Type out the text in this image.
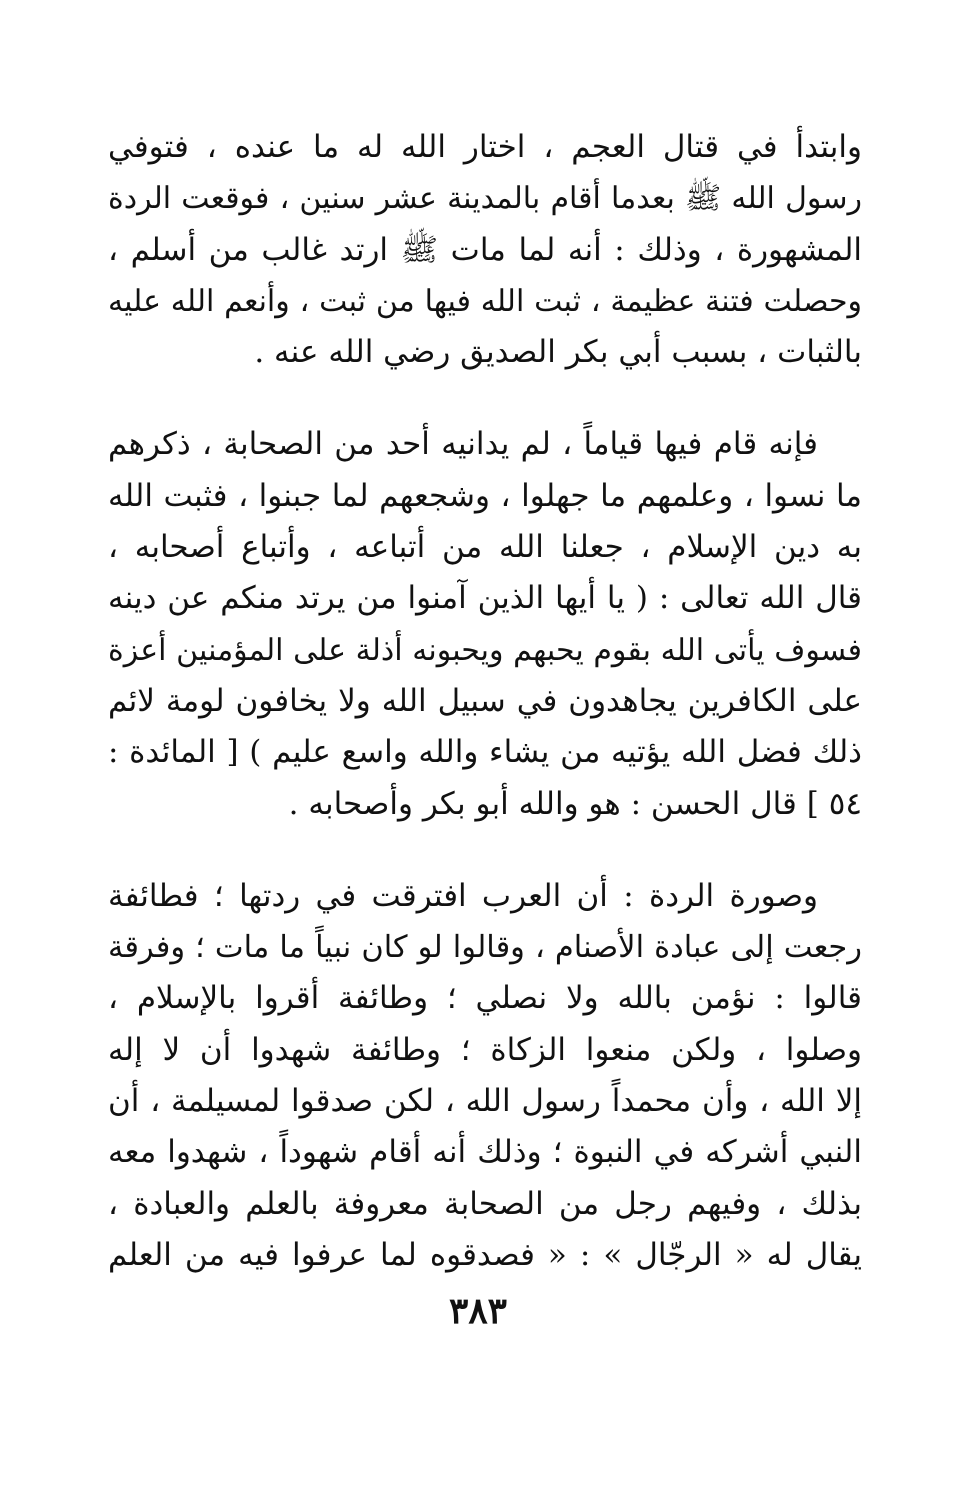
وابتدأ في قتال العجم ، اختار الله له ما عنده ، فتوفي
رسول الله ﷺ بعدما أقام بالمدينة عشر سنين ، فوقعت الردة
المشهورة ، وذلك : أنه لما مات ﷺ ارتد غالب من أسلم ،
وحصلت فتنة عظيمة ، ثبت الله فيها من ثبت ، وأنعم الله عليه
بالثبات ، بسبب أبي بكر الصديق رضي الله عنه .

فإنه قام فيها قياماً ، لم يدانيه أحد من الصحابة ، ذكرهم
ما نسوا ، وعلمهم ما جهلوا ، وشجعهم لما جبنوا ، فثبت الله
به دين الإسلام ، جعلنا الله من أتباعه ، وأتباع أصحابه ،
قال الله تعالى : ( يا أيها الذين آمنوا من يرتد منكم عن دينه
فسوف يأتى الله بقوم يحبهم ويحبونه أذلة على المؤمنين أعزة
على الكافرين يجاهدون في سبيل الله ولا يخافون لومة لائم
ذلك فضل الله يؤتيه من يشاء والله واسع عليم ) [ المائدة :
٥٤ ] قال الحسن : هو والله أبو بكر وأصحابه .

وصورة الردة : أن العرب افترقت في ردتها ؛ فطائفة
رجعت إلى عبادة الأصنام ، وقالوا لو كان نبياً ما مات ؛ وفرقة
قالوا : نؤمن بالله ولا نصلي ؛ وطائفة أقروا بالإسلام ،
وصلوا ، ولكن منعوا الزكاة ؛ وطائفة شهدوا أن لا إله
إلا الله ، وأن محمداً رسول الله ، لكن صدقوا لمسيلمة ، أن
النبي أشركه في النبوة ؛ وذلك أنه أقام شهوداً ، شهدوا معه
بذلك ، وفيهم رجل من الصحابة معروفة بالعلم والعبادة ،
يقال له « الرجّال » : « فصدقوه لما عرفوا فيه من العلم

٣٨٣
